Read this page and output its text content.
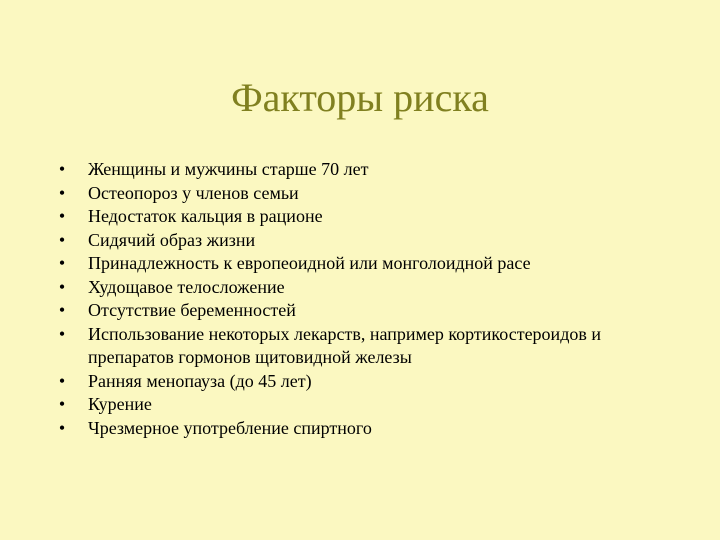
Факторы риска
• Женщины и мужчины старше 70 лет
• Остеопороз у членов семьи
• Недостаток кальция в рационе
• Сидячий образ жизни
• Принадлежность к европеоидной или монголоидной расе
• Худощавое телосложение
• Отсутствие беременностей
• Использование некоторых лекарств, например кортикостероидов и препаратов гормонов щитовидной железы
• Ранняя менопауза (до 45 лет)
• Курение
• Чрезмерное употребление спиртного
